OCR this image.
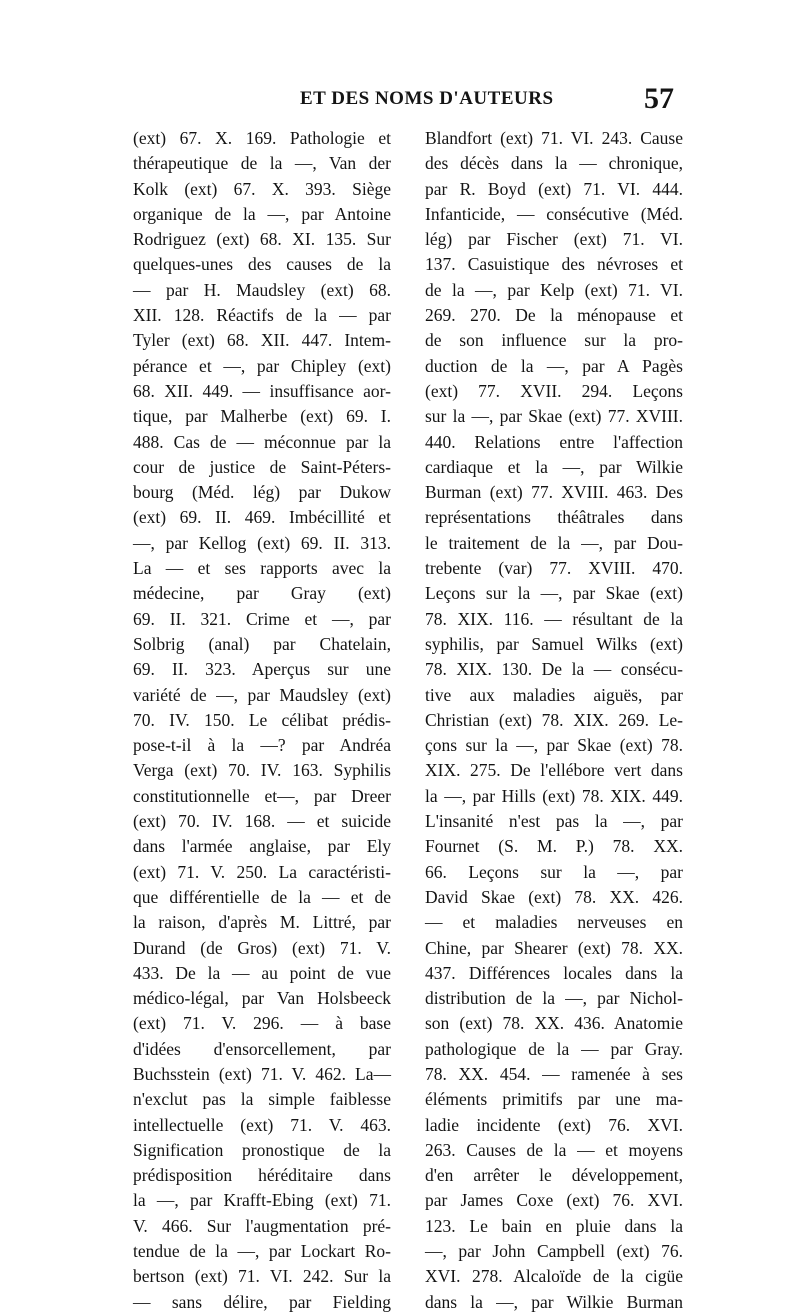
ET DES NOMS D'AUTEURS	57
(ext) 67. X. 169. Pathologie et
thérapeutique de la —, Van der
Kolk (ext) 67. X. 393. Siège
organique de la —, par Antoine
Rodriguez (ext) 68. XI. 135. Sur
quelques-unes des causes de la
— par H. Maudsley (ext) 68.
XII. 128. Réactifs de la — par
Tyler (ext) 68. XII. 447. Intem-
pérance et —, par Chipley (ext)
68. XII. 449. — insuffisance aor-
tique, par Malherbe (ext) 69. I.
488. Cas de — méconnue par la
cour de justice de Saint-Péters-
bourg (Méd. lég) par Dukow
(ext) 69. II. 469. Imbécillité et
—, par Kellog (ext) 69. II. 313.
La — et ses rapports avec la
médecine, par Gray (ext)
69. II. 321. Crime et —, par
Solbrig (anal) par Chatelain,
69. II. 323. Aperçus sur une
variété de —, par Maudsley (ext)
70. IV. 150. Le célibat prédis-
pose-t-il à la —? par Andréa
Verga (ext) 70. IV. 163. Syphilis
constitutionnelle et—, par Dreer
(ext) 70. IV. 168. — et suicide
dans l'armée anglaise, par Ely
(ext) 71. V. 250. La caractéristi-
que différentielle de la — et de
la raison, d'après M. Littré, par
Durand (de Gros) (ext) 71. V.
433. De la — au point de vue
médico-légal, par Van Holsbeeck
(ext) 71. V. 296. — à base
d'idées d'ensorcellement, par
Buchsstein (ext) 71. V. 462. La—
n'exclut pas la simple faiblesse
intellectuelle (ext) 71. V. 463.
Signification pronostique de la
prédisposition héréditaire dans
la —, par Krafft-Ebing (ext) 71.
V. 466. Sur l'augmentation pré-
tendue de la —, par Lockart Ro-
bertson (ext) 71. VI. 242. Sur la
— sans délire, par Fielding
Blandfort (ext) 71. VI. 243. Cause
des décès dans la — chronique,
par R. Boyd (ext) 71. VI. 444.
Infanticide, — consécutive (Méd.
lég) par Fischer (ext) 71. VI.
137. Casuistique des névroses et
de la —, par Kelp (ext) 71. VI.
269. 270. De la ménopause et
de son influence sur la pro-
duction de la —, par A Pagès
(ext) 77. XVII. 294. Leçons
sur la —, par Skae (ext) 77. XVIII.
440. Relations entre l'affection
cardiaque et la —, par Wilkie
Burman (ext) 77. XVIII. 463. Des
représentations théâtrales dans
le traitement de la —, par Dou-
trebente (var) 77. XVIII. 470.
Leçons sur la —, par Skae (ext)
78. XIX. 116. — résultant de la
syphilis, par Samuel Wilks (ext)
78. XIX. 130. De la — consécu-
tive aux maladies aiguës, par
Christian (ext) 78. XIX. 269. Le-
çons sur la —, par Skae (ext) 78.
XIX. 275. De l'ellébore vert dans
la —, par Hills (ext) 78. XIX. 449.
L'insanité n'est pas la —, par
Fournet (S. M. P.) 78. XX.
66. Leçons sur la —, par
David Skae (ext) 78. XX. 426.
— et maladies nerveuses en
Chine, par Shearer (ext) 78. XX.
437. Différences locales dans la
distribution de la —, par Nichol-
son (ext) 78. XX. 436. Anatomie
pathologique de la — par Gray.
78. XX. 454. — ramenée à ses
éléments primitifs par une ma-
ladie incidente (ext) 76. XVI.
263. Causes de la — et moyens
d'en arrêter le développement,
par James Coxe (ext) 76. XVI.
123. Le bain en pluie dans la
—, par John Campbell (ext) 76.
XVI. 278. Alcaloïde de la cigüe
dans la —, par Wilkie Burman
